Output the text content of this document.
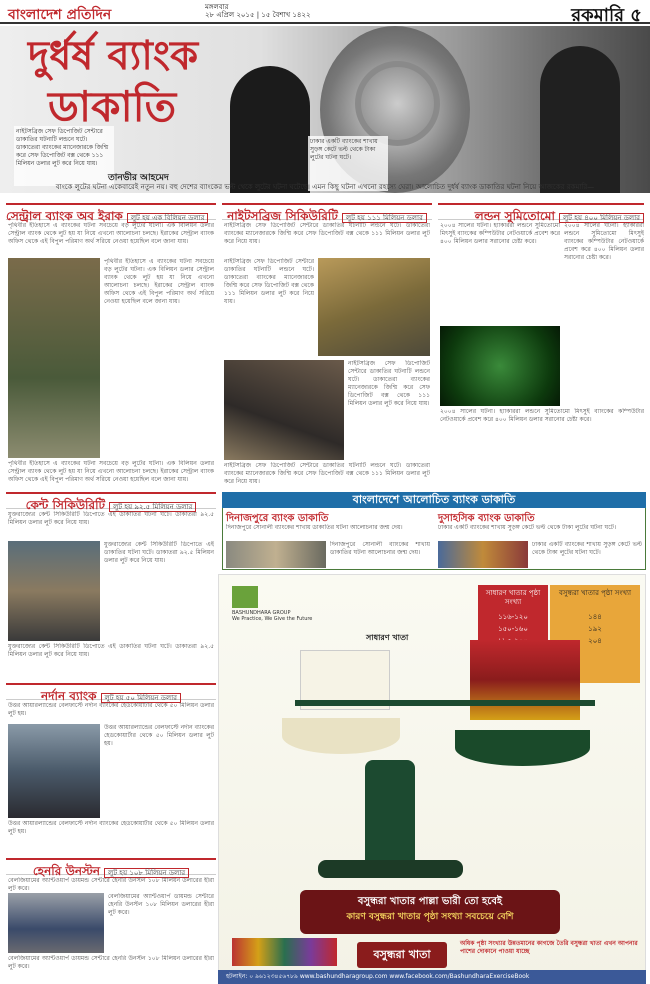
বাংলাদেশ প্রতিদিন	মঙ্গলবার
২৮ এপ্রিল ২০১৫ | ১৫ বৈশাখ ১৪২২	রকমারি ৫
নাইটসব্রিজ সেফ ডিপোজিট সেন্টারে ডাকাতির ঘটনাটি লন্ডনে ঘটে। ডাকাতেরা ব্যাংকের ম্যানেজারকে জিম্মি করে সেফ ডিপোজিট বক্স থেকে ১১১ মিলিয়ন ডলার লুট করে নিয়ে যায়।
ঢাকার একটি ব্যাংকের শাখায় সুড়ঙ্গ কেটে ভল্ট থেকে টাকা লুটের ঘটনা ঘটে।
দুর্ধর্ষ ব্যাংক
ডাকাতি
তানভীর আহমেদ
বাংকে লুটের ঘটনা একেবারেই নতুন নয়। বহু দেশের ব্যাংকের ভল্ট থেকে লুটের ঘটনা ঘটেছে। এমন কিছু ঘটনা এখনো রহস্যে ঘেরা। আলোচিত দুর্ধর্ষ ব্যাংক ডাকাতির ঘটনা নিয়ে আজকের রকমারি—
সেন্ট্রাল ব্যাংক অব ইরাক লুট হয় এক বিলিয়ন ডলার	নাইটসব্রিজ সিকিউরিটি লুট হয় ১১১ মিলিয়ন ডলার	লন্ডন সুমিতোমো লুট হয় ৪০০ মিলিয়ন ডলার
পৃথিবীর ইতিহাসে এ ব্যাংকের ঘটনা সবচেয়ে বড় লুটের ঘটনা। এক বিলিয়ন ডলার সেন্ট্রাল ব্যাংক থেকে লুট হয় যা নিয়ে এখনো আলোচনা চলছে। ইরাকের সেন্ট্রাল ব্যাংক অফিস থেকে এই বিপুল পরিমাণ অর্থ সরিয়ে নেওয়া হয়েছিল বলে জানা যায়।
পৃথিবীর ইতিহাসে এ ব্যাংকের ঘটনা সবচেয়ে বড় লুটের ঘটনা। এক বিলিয়ন ডলার সেন্ট্রাল ব্যাংক থেকে লুট হয় যা নিয়ে এখনো আলোচনা চলছে। ইরাকের সেন্ট্রাল ব্যাংক অফিস থেকে এই বিপুল পরিমাণ অর্থ সরিয়ে নেওয়া হয়েছিল বলে জানা যায়।
পৃথিবীর ইতিহাসে এ ব্যাংকের ঘটনা সবচেয়ে বড় লুটের ঘটনা। এক বিলিয়ন ডলার সেন্ট্রাল ব্যাংক থেকে লুট হয় যা নিয়ে এখনো আলোচনা চলছে। ইরাকের সেন্ট্রাল ব্যাংক অফিস থেকে এই বিপুল পরিমাণ অর্থ সরিয়ে নেওয়া হয়েছিল বলে জানা যায়।
নাইটসব্রিজ সেফ ডিপোজিট সেন্টারে ডাকাতির ঘটনাটি লন্ডনে ঘটে। ডাকাতেরা ব্যাংকের ম্যানেজারকে জিম্মি করে সেফ ডিপোজিট বক্স থেকে ১১১ মিলিয়ন ডলার লুট করে নিয়ে যায়।
নাইটসব্রিজ সেফ ডিপোজিট সেন্টারে ডাকাতির ঘটনাটি লন্ডনে ঘটে। ডাকাতেরা ব্যাংকের ম্যানেজারকে জিম্মি করে সেফ ডিপোজিট বক্স থেকে ১১১ মিলিয়ন ডলার লুট করে নিয়ে যায়।
নাইটসব্রিজ সেফ ডিপোজিট সেন্টারে ডাকাতির ঘটনাটি লন্ডনে ঘটে। ডাকাতেরা ব্যাংকের ম্যানেজারকে জিম্মি করে সেফ ডিপোজিট বক্স থেকে ১১১ মিলিয়ন ডলার লুট করে নিয়ে যায়।
নাইটসব্রিজ সেফ ডিপোজিট সেন্টারে ডাকাতির ঘটনাটি লন্ডনে ঘটে। ডাকাতেরা ব্যাংকের ম্যানেজারকে জিম্মি করে সেফ ডিপোজিট বক্স থেকে ১১১ মিলিয়ন ডলার লুট করে নিয়ে যায়।
২০০৪ সালের ঘটনা। হ্যাকাররা লন্ডনে সুমিতোমো মিৎসুই ব্যাংকের কম্পিউটার নেটওয়ার্কে প্রবেশ করে ৪০০ মিলিয়ন ডলার সরানোর চেষ্টা করে।
২০০৪ সালের ঘটনা। হ্যাকাররা লন্ডনে সুমিতোমো মিৎসুই ব্যাংকের কম্পিউটার নেটওয়ার্কে প্রবেশ করে ৪০০ মিলিয়ন ডলার সরানোর চেষ্টা করে।
২০০৪ সালের ঘটনা। হ্যাকাররা লন্ডনে সুমিতোমো মিৎসুই ব্যাংকের কম্পিউটার নেটওয়ার্কে প্রবেশ করে ৪০০ মিলিয়ন ডলার সরানোর চেষ্টা করে।
কেন্ট সিকিউরিটি লুট হয় ৯২.৫ মিলিয়ন ডলার
যুক্তরাজ্যের কেন্ট সিকিউরিটি ডিপোতে এই ডাকাতির ঘটনা ঘটে। ডাকাতরা ৯২.৫ মিলিয়ন ডলার লুট করে নিয়ে যায়।
যুক্তরাজ্যের কেন্ট সিকিউরিটি ডিপোতে এই ডাকাতির ঘটনা ঘটে। ডাকাতরা ৯২.৫ মিলিয়ন ডলার লুট করে নিয়ে যায়।
যুক্তরাজ্যের কেন্ট সিকিউরিটি ডিপোতে এই ডাকাতির ঘটনা ঘটে। ডাকাতরা ৯২.৫ মিলিয়ন ডলার লুট করে নিয়ে যায়।
বাংলাদেশে আলোচিত ব্যাংক ডাকাতি
দিনাজপুরে ব্যাংক ডাকাতি
দিনাজপুরে সোনালী ব্যাংকের শাখায় ডাকাতির ঘটনা আলোচনার জন্ম দেয়।
দিনাজপুরে সোনালী ব্যাংকের শাখায় ডাকাতির ঘটনা আলোচনার জন্ম দেয়।
দুসাহসিক ব্যাংক ডাকাতি
ঢাকার একটি ব্যাংকের শাখায় সুড়ঙ্গ কেটে ভল্ট থেকে টাকা লুটের ঘটনা ঘটে।
ঢাকার একটি ব্যাংকের শাখায় সুড়ঙ্গ কেটে ভল্ট থেকে টাকা লুটের ঘটনা ঘটে।
নর্দান ব্যাংক লুট হয় ৫০ মিলিয়ন ডলার
উত্তর আয়ারল্যান্ডের বেলফাস্টে নর্দান ব্যাংকের হেডকোয়ার্টার থেকে ৫০ মিলিয়ন ডলার লুট হয়।
উত্তর আয়ারল্যান্ডের বেলফাস্টে নর্দান ব্যাংকের হেডকোয়ার্টার থেকে ৫০ মিলিয়ন ডলার লুট হয়।
উত্তর আয়ারল্যান্ডের বেলফাস্টে নর্দান ব্যাংকের হেডকোয়ার্টার থেকে ৫০ মিলিয়ন ডলার লুট হয়।
হেনরি উনস্টন লুট হয় ১০৮ মিলিয়ন ডলার
বেলজিয়ামের অ্যান্টওয়ার্প ডায়মন্ড সেন্টারে হেনরি উনস্টন ১০৮ মিলিয়ন ডলারের হীরা লুট করে।
বেলজিয়ামের অ্যান্টওয়ার্প ডায়মন্ড সেন্টারে হেনরি উনস্টন ১০৮ মিলিয়ন ডলারের হীরা লুট করে।
বেলজিয়ামের অ্যান্টওয়ার্প ডায়মন্ড সেন্টারে হেনরি উনস্টন ১০৮ মিলিয়ন ডলারের হীরা লুট করে।
BASHUNDHARA GROUP
We Practice, We Give the Future
সাধারণ খাতার পৃষ্ঠা সংখ্যা
১১৬-১২০
১৫০-১৬০
বসুন্ধরা খাতার পৃষ্ঠা সংখ্যা
১৪৪
১৯২
২০৪
সাধারণ খাতা
বসুন্ধরা খাতার পাল্লা ভারী তো হবেই
কারণ বসুন্ধরা খাতার পৃষ্ঠা সংখ্যা সবচেয়ে বেশি
বসুন্ধরা খাতা
অধিক পৃষ্ঠা সংখ্যার উন্নতমানের কাগজে তৈরি বসুন্ধরা খাতা এখন আপনার পাশের দোকানে পাওয়া যাচ্ছে
হটলাইন: ০ ৯৬১২৩৪৫৬৭৮৯ www.bashundharagroup.com www.facebook.com/BashundharaExerciseBook
